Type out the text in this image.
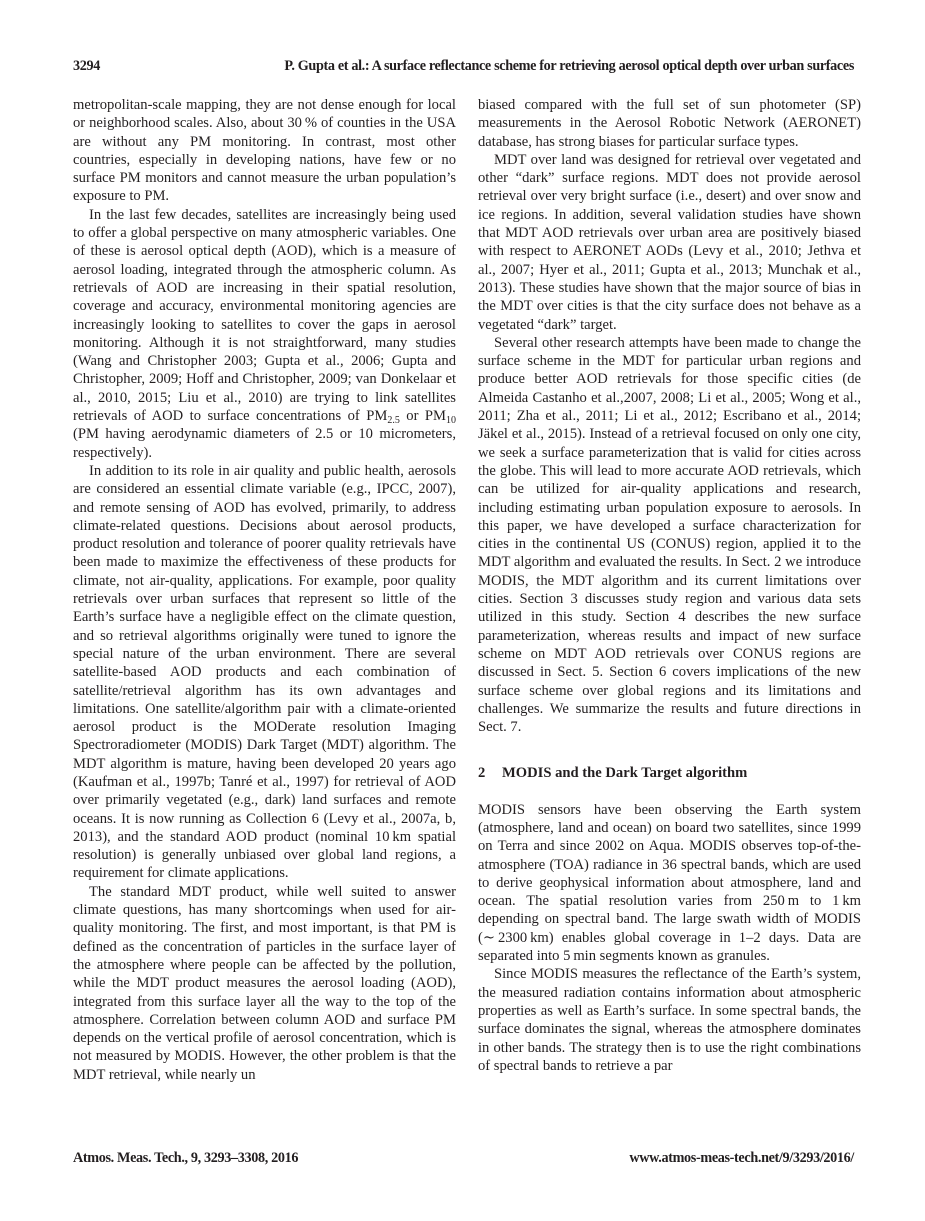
3294	P. Gupta et al.: A surface reflectance scheme for retrieving aerosol optical depth over urban surfaces

metropolitan-scale mapping, they are not dense enough for local or neighborhood scales. Also, about 30 % of counties in the USA are without any PM monitoring. In contrast, most other countries, especially in developing nations, have few or no surface PM monitors and cannot measure the urban population’s exposure to PM.

In the last few decades, satellites are increasingly being used to offer a global perspective on many atmospheric variables. One of these is aerosol optical depth (AOD), which is a measure of aerosol loading, integrated through the atmospheric column. As retrievals of AOD are increasing in their spatial resolution, coverage and accuracy, environmental monitoring agencies are increasingly looking to satellites to cover the gaps in aerosol monitoring. Although it is not straightforward, many studies (Wang and Christopher 2003; Gupta et al., 2006; Gupta and Christopher, 2009; Hoff and Christopher, 2009; van Donkelaar et al., 2010, 2015; Liu et al., 2010) are trying to link satellites retrievals of AOD to surface concentrations of $PM_{2.5}$ or $PM_{10}$ (PM having aerodynamic diameters of 2.5 or 10 micrometers, respectively).

In addition to its role in air quality and public health, aerosols are considered an essential climate variable (e.g., IPCC, 2007), and remote sensing of AOD has evolved, primarily, to address climate-related questions. Decisions about aerosol products, product resolution and tolerance of poorer quality retrievals have been made to maximize the effectiveness of these products for climate, not air-quality, applications. For example, poor quality retrievals over urban surfaces that represent so little of the Earth’s surface have a negligible effect on the climate question, and so retrieval algorithms originally were tuned to ignore the special nature of the urban environment. There are several satellite-based AOD products and each combination of satellite/retrieval algorithm has its own advantages and limitations. One satellite/algorithm pair with a climate-oriented aerosol product is the MODerate resolution Imaging Spectroradiometer (MODIS) Dark Target (MDT) algorithm. The MDT algorithm is mature, having been developed 20 years ago (Kaufman et al., 1997b; Tanré et al., 1997) for retrieval of AOD over primarily vegetated (e.g., dark) land surfaces and remote oceans. It is now running as Collection 6 (Levy et al., 2007a, b, 2013), and the standard AOD product (nominal 10 km spatial resolution) is generally unbiased over global land regions, a requirement for climate applications.

The standard MDT product, while well suited to answer climate questions, has many shortcomings when used for air-quality monitoring. The first, and most important, is that PM is defined as the concentration of particles in the surface layer of the atmosphere where people can be affected by the pollution, while the MDT product measures the aerosol loading (AOD), integrated from this surface layer all the way to the top of the atmosphere. Correlation between column AOD and surface PM depends on the vertical profile of aerosol concentration, which is not measured by MODIS. However, the other problem is that the MDT retrieval, while nearly un

biased compared with the full set of sun photometer (SP) measurements in the Aerosol Robotic Network (AERONET) database, has strong biases for particular surface types.

MDT over land was designed for retrieval over vegetated and other “dark” surface regions. MDT does not provide aerosol retrieval over very bright surface (i.e., desert) and over snow and ice regions. In addition, several validation studies have shown that MDT AOD retrievals over urban area are positively biased with respect to AERONET AODs (Levy et al., 2010; Jethva et al., 2007; Hyer et al., 2011; Gupta et al., 2013; Munchak et al., 2013). These studies have shown that the major source of bias in the MDT over cities is that the city surface does not behave as a vegetated “dark” target.

Several other research attempts have been made to change the surface scheme in the MDT for particular urban regions and produce better AOD retrievals for those specific cities (de Almeida Castanho et al.,2007, 2008; Li et al., 2005; Wong et al., 2011; Zha et al., 2011; Li et al., 2012; Escribano et al., 2014; Jäkel et al., 2015). Instead of a retrieval focused on only one city, we seek a surface parameterization that is valid for cities across the globe. This will lead to more accurate AOD retrievals, which can be utilized for air-quality applications and research, including estimating urban population exposure to aerosols. In this paper, we have developed a surface characterization for cities in the continental US (CONUS) region, applied it to the MDT algorithm and evaluated the results. In Sect. 2 we introduce MODIS, the MDT algorithm and its current limitations over cities. Section 3 discusses study region and various data sets utilized in this study. Section 4 describes the new surface parameterization, whereas results and impact of new surface scheme on MDT AOD retrievals over CONUS regions are discussed in Sect. 5. Section 6 covers implications of the new surface scheme over global regions and its limitations and challenges. We summarize the results and future directions in Sect. 7.

2 MODIS and the Dark Target algorithm

MODIS sensors have been observing the Earth system (atmosphere, land and ocean) on board two satellites, since 1999 on Terra and since 2002 on Aqua. MODIS observes top-of-the-atmosphere (TOA) radiance in 36 spectral bands, which are used to derive geophysical information about atmosphere, land and ocean. The spatial resolution varies from 250 m to 1 km depending on spectral band. The large swath width of MODIS (∼ 2300 km) enables global coverage in 1–2 days. Data are separated into 5 min segments known as granules.

Since MODIS measures the reflectance of the Earth’s system, the measured radiation contains information about atmospheric properties as well as Earth’s surface. In some spectral bands, the surface dominates the signal, whereas the atmosphere dominates in other bands. The strategy then is to use the right combinations of spectral bands to retrieve a par

Atmos. Meas. Tech., 9, 3293–3308, 2016	www.atmos-meas-tech.net/9/3293/2016/
